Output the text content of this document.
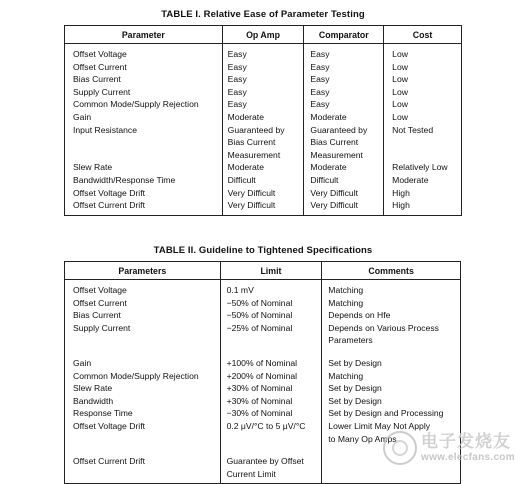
TABLE I. Relative Ease of Parameter Testing
Parameter	Op Amp	Comparator	Cost
Offset Voltage	Easy	Easy	Low
Offset Current	Easy	Easy	Low
Bias Current	Easy	Easy	Low
Supply Current	Easy	Easy	Low
Common Mode/Supply Rejection	Easy	Easy	Low
Gain	Moderate	Moderate	Low
Input Resistance	Guaranteed by	Guaranteed by	Not Tested
	Bias Current	Bias Current	
	Measurement	Measurement	
Slew Rate	Moderate	Moderate	Relatively Low
Bandwidth/Response Time	Difficult	Difficult	Moderate
Offset Voltage Drift	Very Difficult	Very Difficult	High
Offset Current Drift	Very Difficult	Very Difficult	High
TABLE II. Guideline to Tightened Specifications
Parameters	Limit	Comments
Offset Voltage	0.1 mV	Matching
Offset Current	−50% of Nominal	Matching
Bias Current	−50% of Nominal	Depends on Hfe
Supply Current	−25% of Nominal	Depends on Various Process
		Parameters

Gain	+100% of Nominal	Set by Design
Common Mode/Supply Rejection	+200% of Nominal	Matching
Slew Rate	+30% of Nominal	Set by Design
Bandwidth	+30% of Nominal	Set by Design
Response Time	−30% of Nominal	Set by Design and Processing
Offset Voltage Drift	0.2 μV/°C to 5 μV/°C	Lower Limit May Not Apply
		to Many Op Amps

Offset Current Drift	Guarantee by Offset	
	Current Limit	
电子发烧友
www.elecfans.com
